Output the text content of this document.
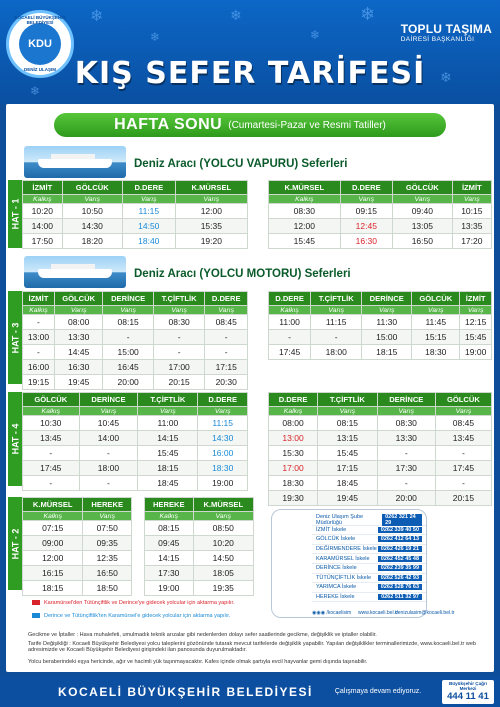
❄
❄
❄
❄
❄
❄
❄
KOCAELİ BÜYÜKŞEHİR BELEDİYESİ
KDU
DENİZ ULAŞIM
TOPLU TAŞIMA
DAİRESİ BAŞKANLIĞI
KIŞ SEFER TARİFESİ
HAFTA SONU (Cumartesi-Pazar ve Resmi Tatiller)
Deniz Aracı (YOLCU VAPURU) Seferleri
HAT - 1
İZMİT	GÖLCÜK	D.DERE	K.MÜRSEL
Kalkış	Varış	Varış	Varış
10:20	10:50	11:15	12:00
14:00	14:30	14:50	15:35
17:50	18:20	18:40	19:20
K.MÜRSEL	D.DERE	GÖLCÜK	İZMİT
Kalkış	Varış	Varış	Varış
08:30	09:15	09:40	10:15
12:00	12:45	13:05	13:35
15:45	16:30	16:50	17:20
Deniz Aracı (YOLCU MOTORU) Seferleri
HAT - 3
İZMİT	GÖLCÜK	DERİNCE	T.ÇİFTLİK	D.DERE
Kalkış	Varış	Varış	Varış	Varış
-	08:00	08:15	08:30	08:45
13:00	13:30	-	-	-
-	14:45	15:00	-	-
16:00	16:30	16:45	17:00	17:15
19:15	19:45	20:00	20:15	20:30
D.DERE	T.ÇİFTLİK	DERİNCE	GÖLCÜK	İZMİT
Kalkış	Varış	Varış	Varış	Varış
11:00	11:15	11:30	11:45	12:15
-	-	15:00	15:15	15:45
17:45	18:00	18:15	18:30	19:00
HAT - 4
GÖLCÜK	DERİNCE	T.ÇİFTLİK	D.DERE
Kalkış	Varış	Varış	Varış
10:30	10:45	11:00	11:15
13:45	14:00	14:15	14:30
-	-	15:45	16:00
17:45	18:00	18:15	18:30
-	-	18:45	19:00
D.DERE	T.ÇİFTLİK	DERİNCE	GÖLCÜK
Kalkış	Varış	Varış	Varış
08:00	08:15	08:30	08:45
13:00	13:15	13:30	13:45
15:30	15:45	-	-
17:00	17:15	17:30	17:45
18:30	18:45	-	-
19:30	19:45	20:00	20:15
HAT - 2
K.MÜRSEL	HEREKE
Kalkış	Varış
07:15	07:50
09:00	09:35
12:00	12:35
16:15	16:50
18:15	18:50
HEREKE	K.MÜRSEL
Kalkış	Varış
08:15	08:50
09:45	10:20
14:15	14:50
17:30	18:05
19:00	19:35
Deniz Ulaşım Şube Müdürlüğü
0262 321 24 29
İZMİT İskele	0262 339 40 50
GÖLCÜK İskele	0262 412 64 13
DEĞİRMENDERE İskele 0262 426 19 21
KARAMÜRSEL İskele	0262 452 45 48
DERİNCE İskele	0262 239 35 99
TÜTÜNÇİFTLİK İskele	0262 526 42 93
YARIMCA İskele	0262 528 76 63
HEREKE İskele	0262 511 32 97
◉◉◉ /kocaelisim www.kocaeli.bel.tr
denizulasim@kocaeli.bel.tr
Karamürsel'den Tütünçiftlik ve Derince'ye gidecek yolcular için aktarma yapılır.
Derince ve Tütünçiftlik'ten Karamürsel'e gidecek yolcular için aktarma yapılır.
Gecikme ve İptaller : Hava muhalefeti, umulmadık teknik arızalar gibi nedenlerden dolayı sefer saatlerinde gecikme, değişiklik ve iptaller olabilir.
Tarife Değişikliği : Kocaeli Büyükşehir Belediyesi yolcu taleplerini gözönünde tutarak mevcut tarifelerde değişiklik yapabilir. Yapılan değişiklikler terminallerimizde, www.kocaeli.bel.tr web adresimizde ve Kocaeli Büyükşehir Belediyesi girişindeki ilan panosunda duyurulmaktadır.
Yolcu beraberindeki eşya hericinde, ağır ve hacimli yük taşınmayacaktır. Kafes içinde olmak şartıyla evcil hayvanlar gemi dışında taşınabilir.
KOCAELİ BÜYÜKŞEHİR BELEDİYESİ	Çalışmaya devam ediyoruz.
Büyükşehir Çağrı Merkezi
444 11 41
